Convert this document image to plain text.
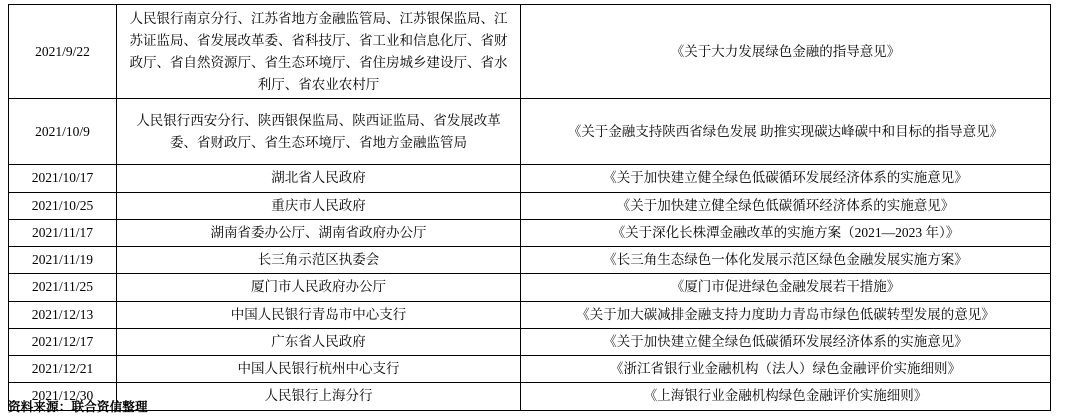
2021/9/22	人民银行南京分行、江苏省地方金融监管局、江苏银保监局、江苏证监局、省发展改革委、省科技厅、省工业和信息化厅、省财政厅、省自然资源厅、省生态环境厅、省住房城乡建设厅、省水利厅、省农业农村厅	《关于大力发展绿色金融的指导意见》
2021/10/9	人民银行西安分行、陕西银保监局、陕西证监局、省发展改革委、省财政厅、省生态环境厅、省地方金融监管局	《关于金融支持陕西省绿色发展 助推实现碳达峰碳中和目标的指导意见》
2021/10/17	湖北省人民政府	《关于加快建立健全绿色低碳循环发展经济体系的实施意见》
2021/10/25	重庆市人民政府	《关于加快建立健全绿色低碳循环经济体系的实施意见》
2021/11/17	湖南省委办公厅、湖南省政府办公厅	《关于深化长株潭金融改革的实施方案（2021—2023 年）》
2021/11/19	长三角示范区执委会	《长三角生态绿色一体化发展示范区绿色金融发展实施方案》
2021/11/25	厦门市人民政府办公厅	《厦门市促进绿色金融发展若干措施》
2021/12/13	中国人民银行青岛市中心支行	《关于加大碳减排金融支持力度助力青岛市绿色低碳转型发展的意见》
2021/12/17	广东省人民政府	《关于加快建立健全绿色低碳循环发展经济体系的实施意见》
2021/12/21	中国人民银行杭州中心支行	《浙江省银行业金融机构（法人）绿色金融评价实施细则》
2021/12/30	人民银行上海分行	《上海银行业金融机构绿色金融评价实施细则》
资料来源：联合资信整理
